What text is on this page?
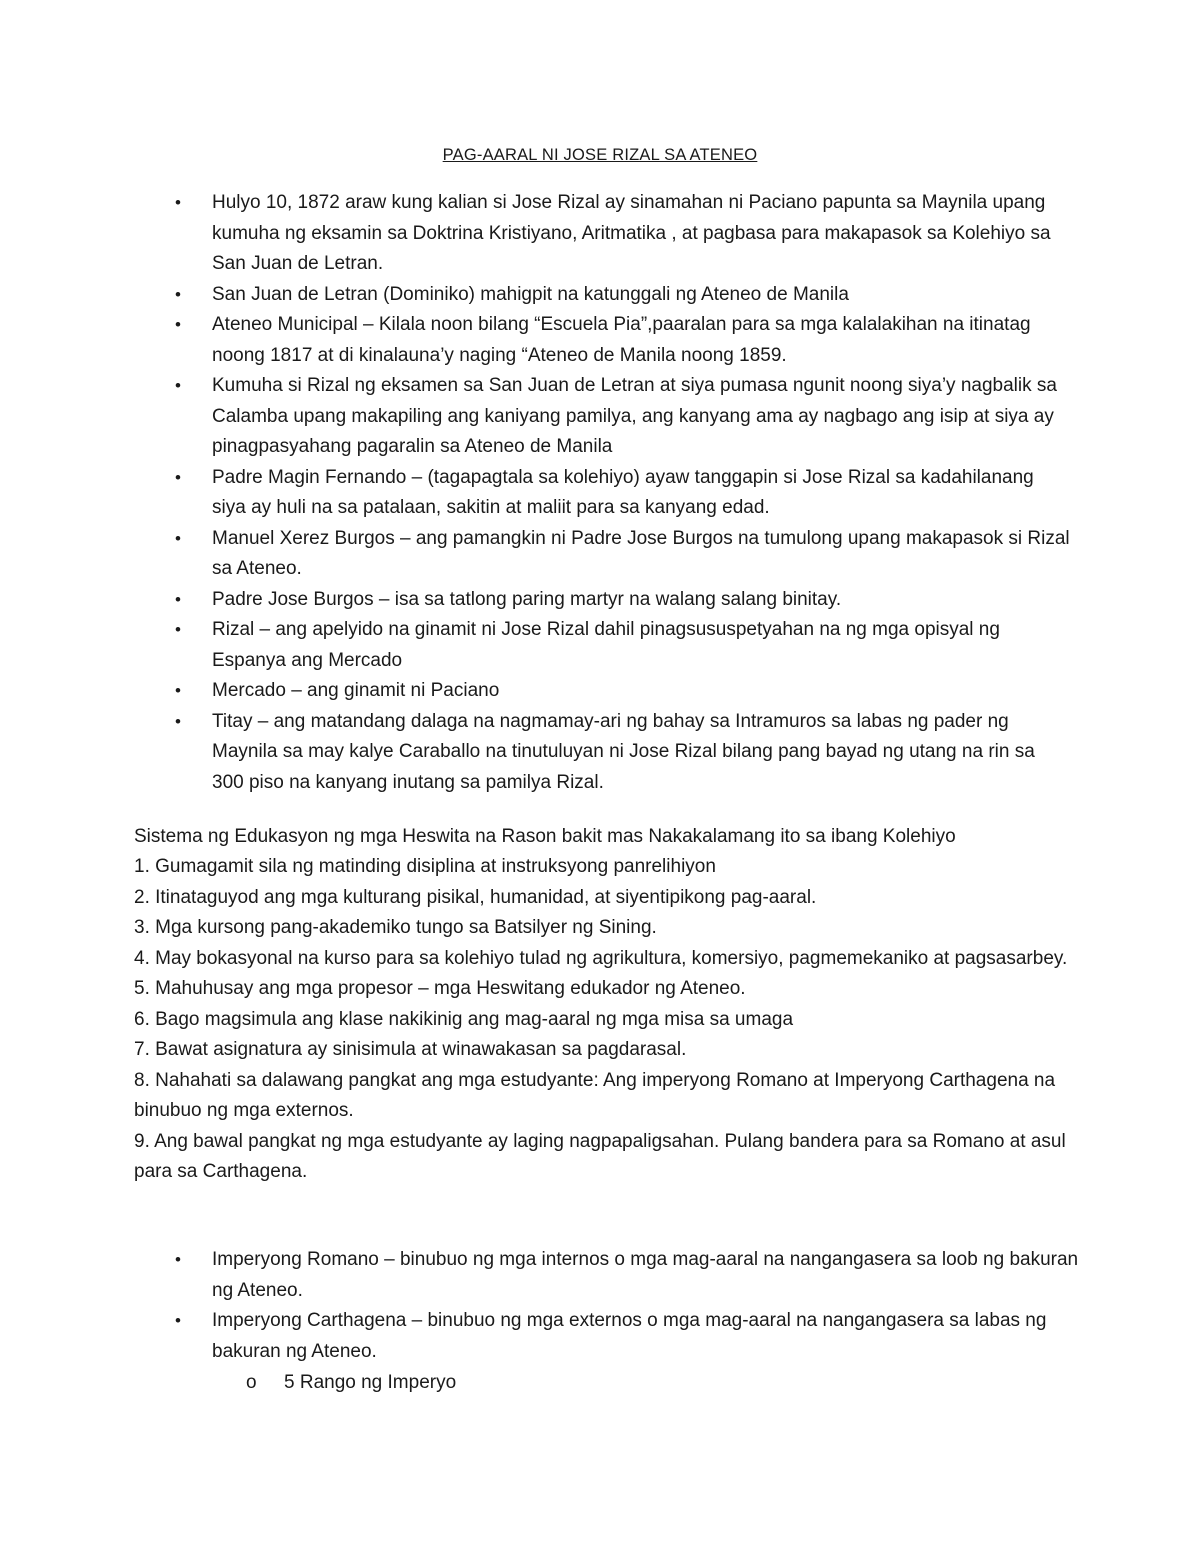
PAG-AARAL NI JOSE RIZAL SA ATENEO
• Hulyo 10, 1872 araw kung kalian si Jose Rizal ay sinamahan ni Paciano papunta sa Maynila upang kumuha ng eksamin sa Doktrina Kristiyano, Aritmatika , at pagbasa para makapasok sa Kolehiyo sa San Juan de Letran.
• San Juan de Letran (Dominiko) mahigpit na katunggali ng Ateneo de Manila
• Ateneo Municipal – Kilala noon bilang “Escuela Pia”,paaralan para sa mga kalalakihan na itinatag noong 1817 at di kinalauna’y naging “Ateneo de Manila noong 1859.
• Kumuha si Rizal ng eksamen sa San Juan de Letran at siya pumasa ngunit noong siya’y nagbalik sa Calamba upang makapiling ang kaniyang pamilya, ang kanyang ama ay nagbago ang isip at siya ay pinagpasyahang pagaralin sa Ateneo de Manila
• Padre Magin Fernando – (tagapagtala sa kolehiyo) ayaw tanggapin si Jose Rizal sa kadahilanang siya ay huli na sa patalaan, sakitin at maliit para sa kanyang edad.
• Manuel Xerez Burgos – ang pamangkin ni Padre Jose Burgos na tumulong upang makapasok si Rizal sa Ateneo.
• Padre Jose Burgos – isa sa tatlong paring martyr na walang salang binitay.
• Rizal – ang apelyido na ginamit ni Jose Rizal dahil pinagsususpetyahan na ng mga opisyal ng Espanya ang Mercado
• Mercado – ang ginamit ni Paciano
• Titay – ang matandang dalaga na nagmamay-ari ng bahay sa Intramuros sa labas ng pader ng Maynila sa may kalye Caraballo na tinutuluyan ni Jose Rizal bilang pang bayad ng utang na rin sa 300 piso na kanyang inutang sa pamilya Rizal.
Sistema ng Edukasyon ng mga Heswita na Rason bakit mas Nakakalamang ito sa ibang Kolehiyo
1. Gumagamit sila ng matinding disiplina at instruksyong panrelihiyon
2. Itinataguyod ang mga kulturang pisikal, humanidad, at siyentipikong pag-aaral.
3. Mga kursong pang-akademiko tungo sa Batsilyer ng Sining.
4. May bokasyonal na kurso para sa kolehiyo tulad ng agrikultura, komersiyo, pagmemekaniko at pagsasarbey.
5. Mahuhusay ang mga propesor – mga Heswitang edukador ng Ateneo.
6. Bago magsimula ang klase nakikinig ang mag-aaral ng mga misa sa umaga
7. Bawat asignatura ay sinisimula at winawakasan sa pagdarasal.
8. Nahahati sa dalawang pangkat ang mga estudyante: Ang imperyong Romano at Imperyong Carthagena na binubuo ng mga externos.
9. Ang bawal pangkat ng mga estudyante ay laging nagpapaligsahan. Pulang bandera para sa Romano at asul para sa Carthagena.
• Imperyong Romano – binubuo ng mga internos o mga mag-aaral na nangangasera sa loob ng bakuran ng Ateneo.
• Imperyong Carthagena – binubuo ng mga externos o mga mag-aaral na nangangasera sa labas ng bakuran ng Ateneo.
o 5 Rango ng Imperyo
